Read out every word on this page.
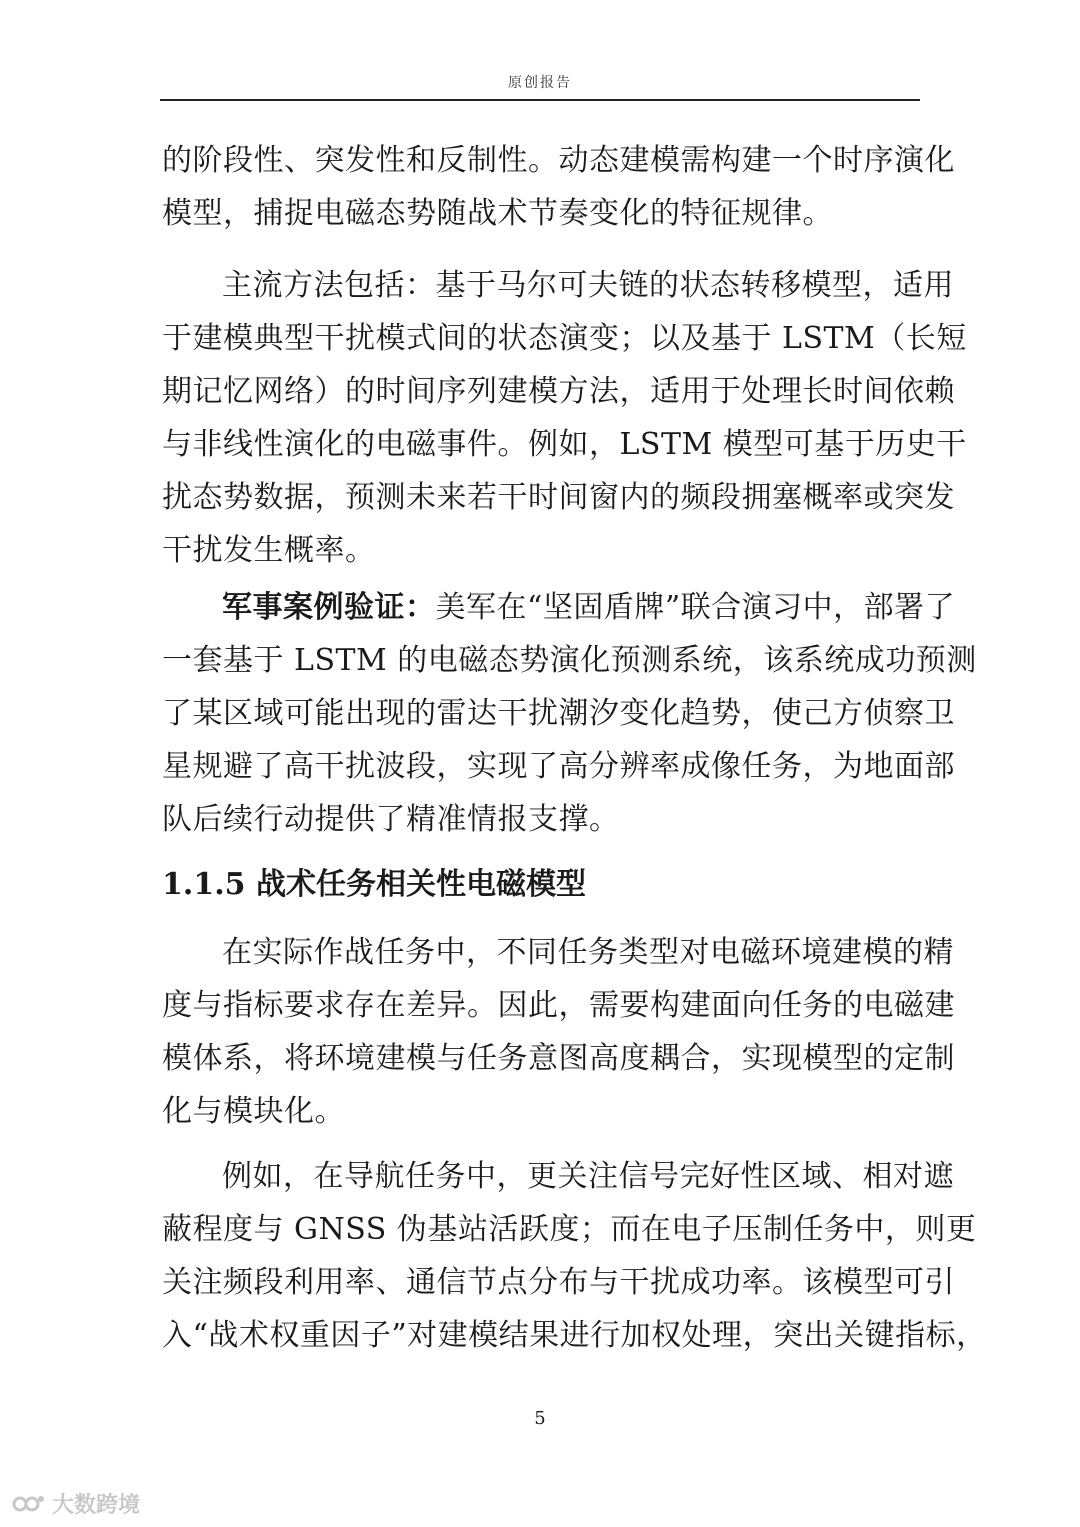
原创报告
的阶段性、突发性和反制性。动态建模需构建一个时序演化
模型，捕捉电磁态势随战术节奏变化的特征规律。
主流方法包括：基于马尔可夫链的状态转移模型，适用
于建模典型干扰模式间的状态演变；以及基于 LSTM（长短
期记忆网络）的时间序列建模方法，适用于处理长时间依赖
与非线性演化的电磁事件。例如，LSTM 模型可基于历史干
扰态势数据，预测未来若干时间窗内的频段拥塞概率或突发
干扰发生概率。
军事案例验证：美军在“坚固盾牌”联合演习中，部署了
一套基于 LSTM 的电磁态势演化预测系统，该系统成功预测
了某区域可能出现的雷达干扰潮汐变化趋势，使己方侦察卫
星规避了高干扰波段，实现了高分辨率成像任务，为地面部
队后续行动提供了精准情报支撑。
1.1.5 战术任务相关性电磁模型
在实际作战任务中，不同任务类型对电磁环境建模的精
度与指标要求存在差异。因此，需要构建面向任务的电磁建
模体系，将环境建模与任务意图高度耦合，实现模型的定制
化与模块化。
例如，在导航任务中，更关注信号完好性区域、相对遮
蔽程度与 GNSS 伪基站活跃度；而在电子压制任务中，则更
关注频段利用率、通信节点分布与干扰成功率。该模型可引
入“战术权重因子”对建模结果进行加权处理，突出关键指标，
5
大数跨境
